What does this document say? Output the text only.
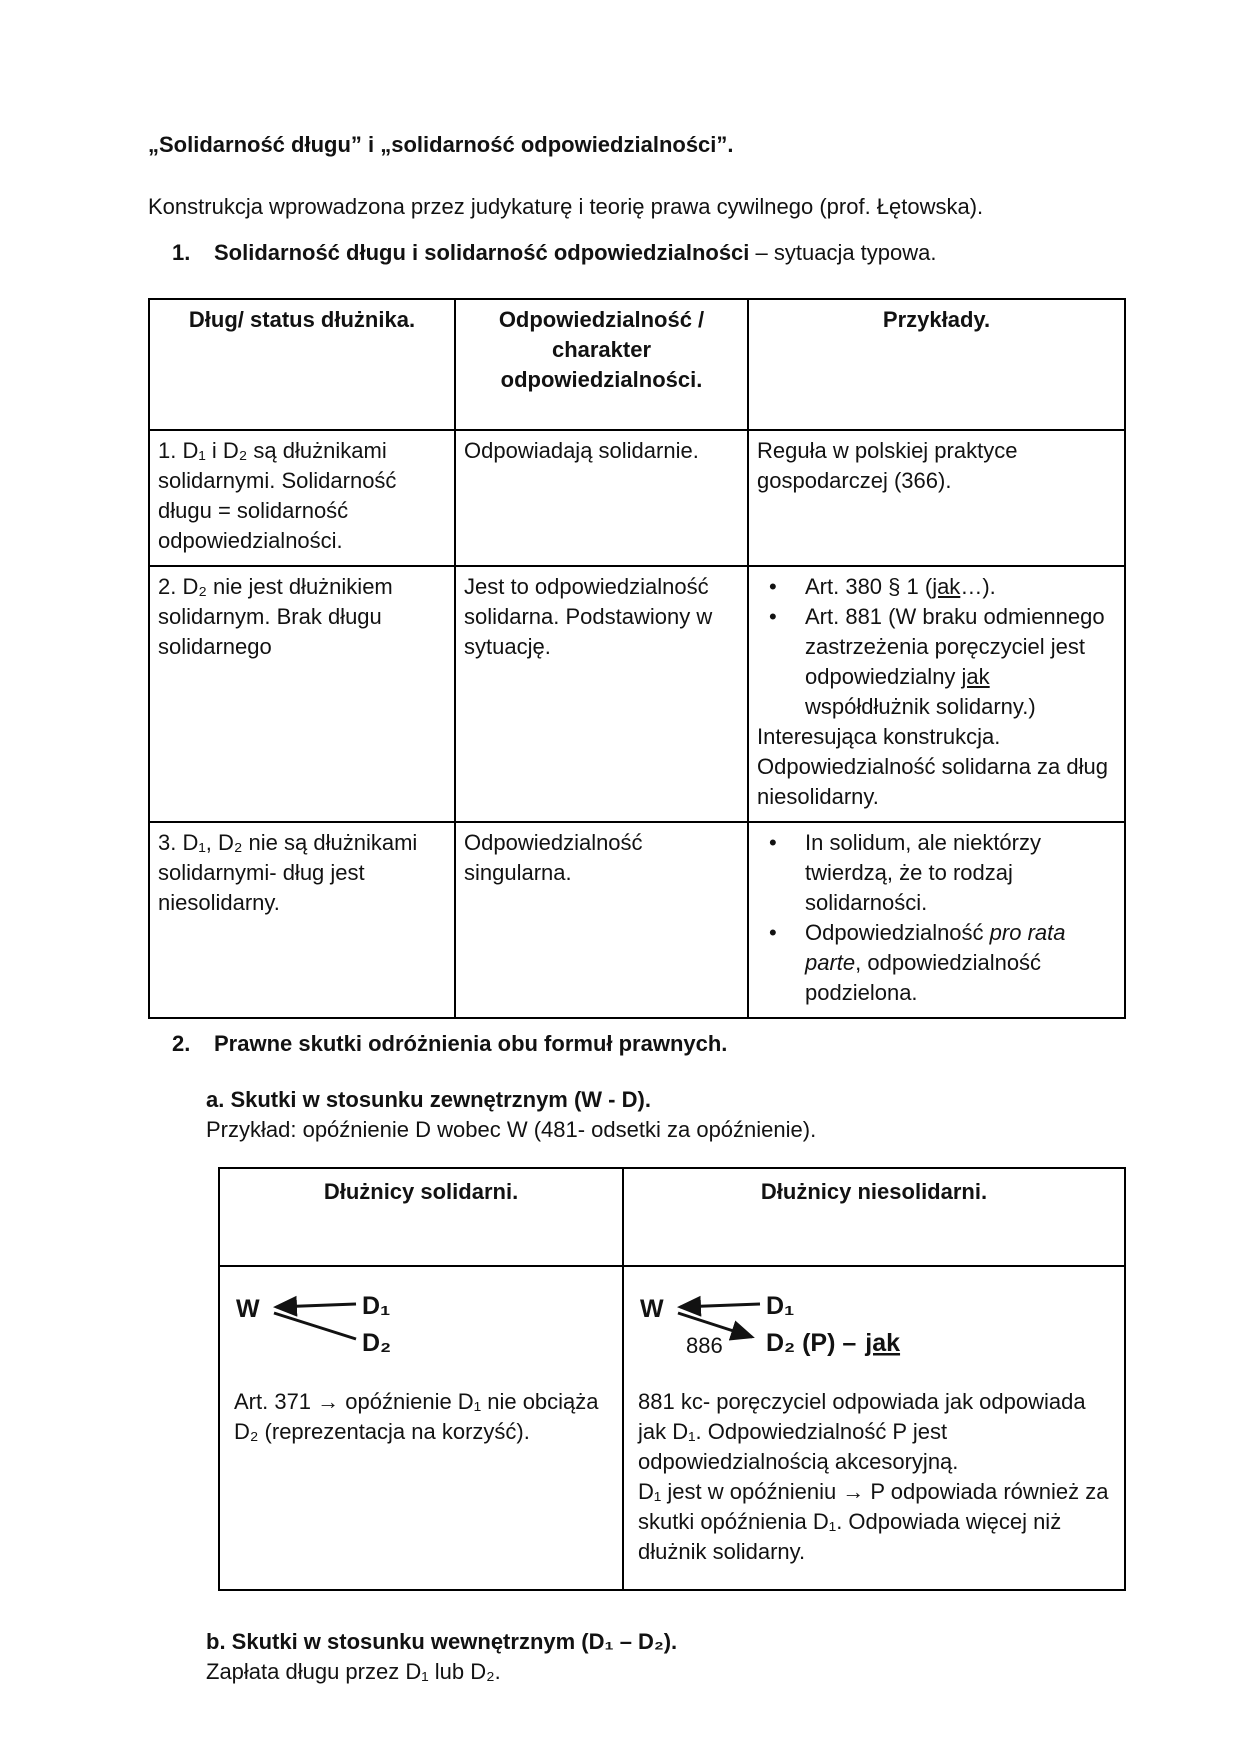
„Solidarność długu” i „solidarność odpowiedzialności”.
Konstrukcja wprowadzona przez judykaturę i teorię prawa cywilnego (prof. Łętowska).
1.	Solidarność długu i solidarność odpowiedzialności – sytuacja typowa.
Dług/ status dłużnika.	Odpowiedzialność / charakter odpowiedzialności.	Przykłady.
1. D₁ i D₂ są dłużnikami solidarnymi. Solidarność długu = solidarność odpowiedzialności.	Odpowiadają solidarnie.	Reguła w polskiej praktyce gospodarczej (366).
2. D₂ nie jest dłużnikiem solidarnym. Brak długu solidarnego	Jest to odpowiedzialność solidarna. Podstawiony w sytuację.	• Art. 380 § 1 (jak…).
• Art. 881 (W braku odmiennego zastrzeżenia poręczyciel jest odpowiedzialny jak współdłużnik solidarny.)
Interesująca konstrukcja. Odpowiedzialność solidarna za dług niesolidarny.

3. D₁, D₂ nie są dłużnikami solidarnymi- dług jest niesolidarny.	Odpowiedzialność singularna.	• In solidum, ale niektórzy twierdzą, że to rodzaj solidarności.
• Odpowiedzialność pro rata parte, odpowiedzialność podzielona.
2.	Prawne skutki odróżnienia obu formuł prawnych.
a. Skutki w stosunku zewnętrznym (W - D).
Przykład: opóźnienie D wobec W (481- odsetki za opóźnienie).
Dłużnicy solidarni.	Dłużnicy niesolidarni.

W	D₁
D₂
Art. 371 → opóźnienie D₁ nie obciąża D₂ (reprezentacja na korzyść).

W	D₁
886 D₂ (P) – jak
881 kc- poręczyciel odpowiada jak odpowiada jak D₁. Odpowiedzialność P jest odpowiedzialnością akcesoryjną.
D₁ jest w opóźnieniu → P odpowiada również za skutki opóźnienia D₁. Odpowiada więcej niż dłużnik solidarny.
b. Skutki w stosunku wewnętrznym (D₁ – D₂).
Zapłata długu przez D₁ lub D₂.
